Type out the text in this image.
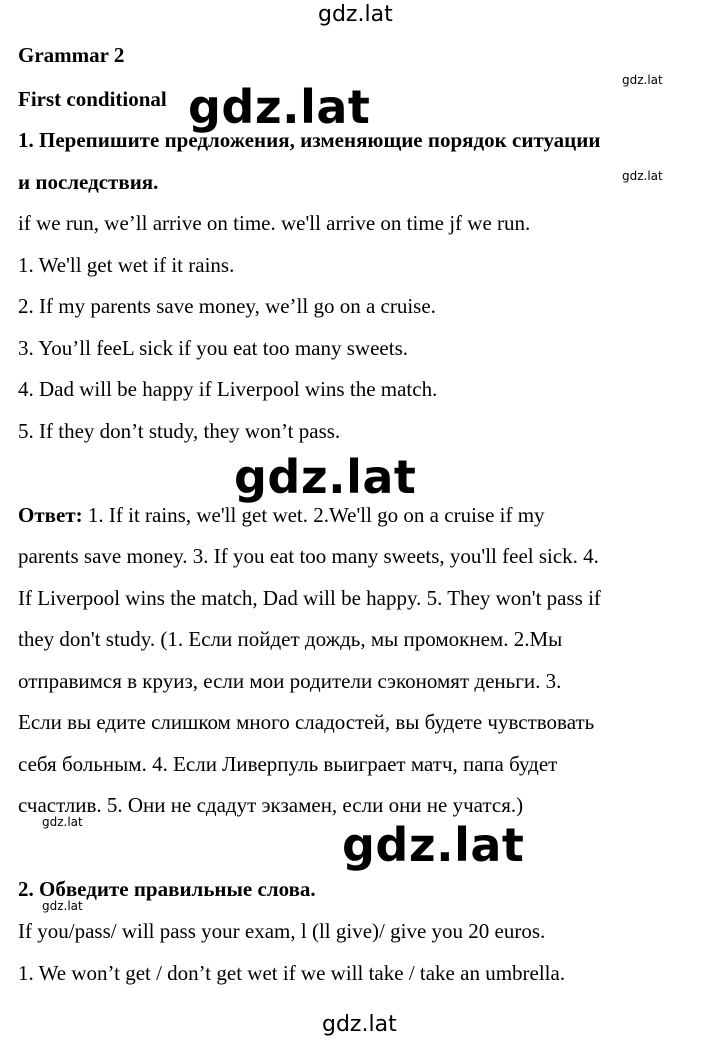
gdz.lat
gdz.lat
gdz.lat
gdz.lat
gdz.lat
gdz.lat
Grammar 2
First conditional
1. Перепишите предложения, изменяющие порядок ситуации
и последствия.
if we run, we’ll arrive on time. we'll arrive on time jf we run.
1. We'll get wet if it rains.
2. If my parents save money, we’ll go on a cruise.
3. You’ll feeL sick if you eat too many sweets.
4. Dad will be happy if Liverpool wins the match.
5. If they don’t study, they won’t pass.
Ответ: 1. If it rains, we'll get wet. 2.We'll go on a cruise if my
parents save money. 3. If you eat too many sweets, you'll feel sick. 4.
If Liverpool wins the match, Dad will be happy. 5. They won't pass if
they don't study. (1. Если пойдет дождь, мы промокнем. 2.Мы
отправимся в круиз, если мои родители сэкономят деньги. 3.
Если вы едите слишком много сладостей, вы будете чувствовать
себя больным. 4. Если Ливерпуль выиграет матч, папа будет
счастлив. 5. Они не сдадут экзамен, если они не учатся.)
2. Обведите правильные слова.
If you/pass/ will pass your exam, l (ll give)/ give you 20 euros.
1. We won’t get / don’t get wet if we will take / take an umbrella.
gdz.lat
gdz.lat
gdz.lat
